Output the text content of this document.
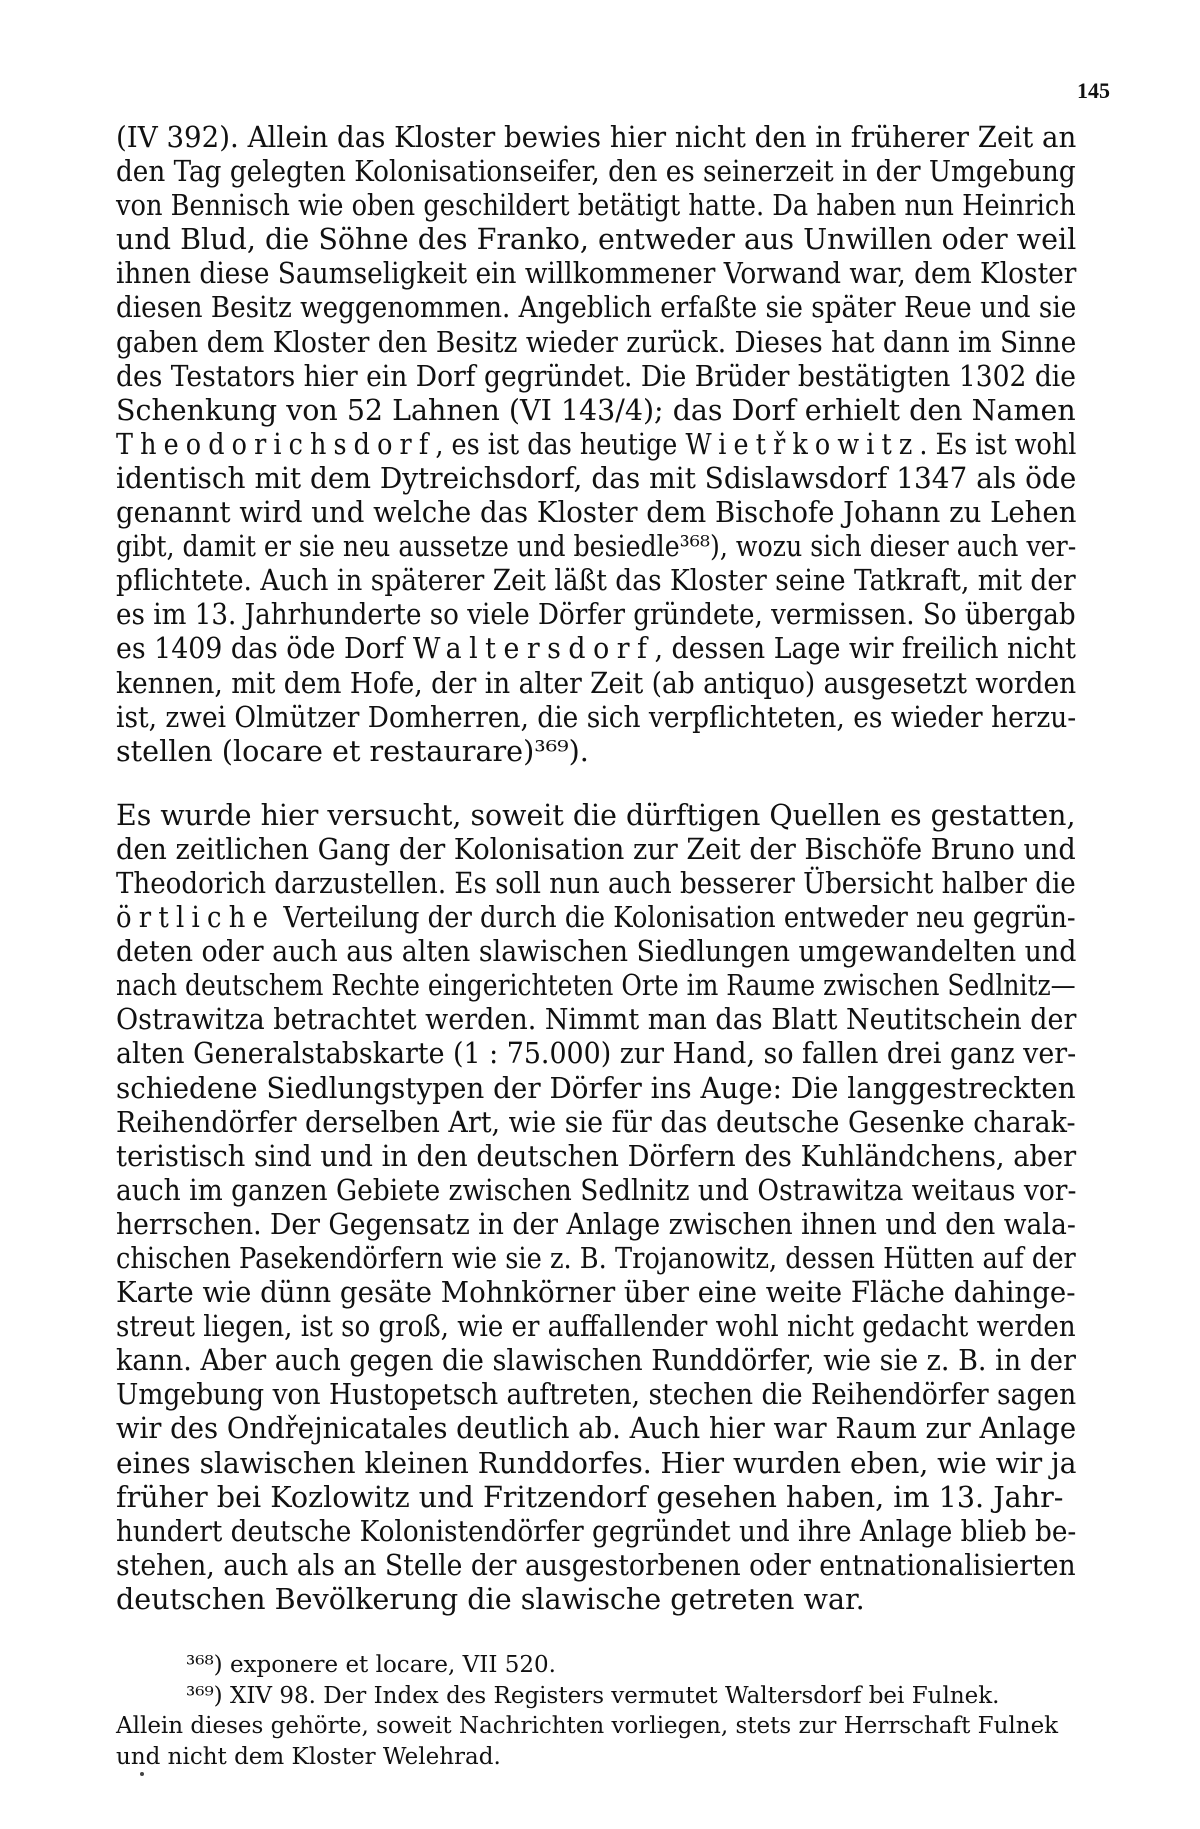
145
(IV 392). Allein das Kloster bewies hier nicht den in früherer Zeit an
den Tag gelegten Kolonisationseifer, den es seinerzeit in der Umgebung
von Bennisch wie oben geschildert betätigt hatte. Da haben nun Heinrich
und Blud, die Söhne des Franko, entweder aus Unwillen oder weil
ihnen diese Saumseligkeit ein willkommener Vorwand war, dem Kloster
diesen Besitz weggenommen. Angeblich erfaßte sie später Reue und sie
gaben dem Kloster den Besitz wieder zurück. Dieses hat dann im Sinne
des Testators hier ein Dorf gegründet. Die Brüder bestätigten 1302 die
Schenkung von 52 Lahnen (VI 143/4); das Dorf erhielt den Namen
Theodorichsdorf, es ist das heutige Wietřkowitz. Es ist wohl
identisch mit dem Dytreichsdorf, das mit Sdislawsdorf 1347 als öde
genannt wird und welche das Kloster dem Bischofe Johann zu Lehen
gibt, damit er sie neu aussetze und besiedle³⁶⁸), wozu sich dieser auch ver-
pflichtete. Auch in späterer Zeit läßt das Kloster seine Tatkraft, mit der
es im 13. Jahrhunderte so viele Dörfer gründete, vermissen. So übergab
es 1409 das öde Dorf Waltersdorf, dessen Lage wir freilich nicht
kennen, mit dem Hofe, der in alter Zeit (ab antiquo) ausgesetzt worden
ist, zwei Olmützer Domherren, die sich verpflichteten, es wieder herzu-
stellen (locare et restaurare)³⁶⁹).
Es wurde hier versucht, soweit die dürftigen Quellen es gestatten,
den zeitlichen Gang der Kolonisation zur Zeit der Bischöfe Bruno und
Theodorich darzustellen. Es soll nun auch besserer Übersicht halber die
örtliche Verteilung der durch die Kolonisation entweder neu gegrün-
deten oder auch aus alten slawischen Siedlungen umgewandelten und
nach deutschem Rechte eingerichteten Orte im Raume zwischen Sedlnitz—
Ostrawitza betrachtet werden. Nimmt man das Blatt Neutitschein der
alten Generalstabskarte (1 : 75.000) zur Hand, so fallen drei ganz ver-
schiedene Siedlungstypen der Dörfer ins Auge: Die langgestreckten
Reihendörfer derselben Art, wie sie für das deutsche Gesenke charak-
teristisch sind und in den deutschen Dörfern des Kuhländchens, aber
auch im ganzen Gebiete zwischen Sedlnitz und Ostrawitza weitaus vor-
herrschen. Der Gegensatz in der Anlage zwischen ihnen und den wala-
chischen Pasekendörfern wie sie z. B. Trojanowitz, dessen Hütten auf der
Karte wie dünn gesäte Mohnkörner über eine weite Fläche dahinge-
streut liegen, ist so groß, wie er auffallender wohl nicht gedacht werden
kann. Aber auch gegen die slawischen Runddörfer, wie sie z. B. in der
Umgebung von Hustopetsch auftreten, stechen die Reihendörfer sagen
wir des Ondřejnicatales deutlich ab. Auch hier war Raum zur Anlage
eines slawischen kleinen Runddorfes. Hier wurden eben, wie wir ja
früher bei Kozlowitz und Fritzendorf gesehen haben, im 13. Jahr-
hundert deutsche Kolonistendörfer gegründet und ihre Anlage blieb be-
stehen, auch als an Stelle der ausgestorbenen oder entnationalisierten
deutschen Bevölkerung die slawische getreten war.
³⁶⁸) exponere et locare, VII 520.
³⁶⁹) XIV 98. Der Index des Registers vermutet Waltersdorf bei Fulnek.
Allein dieses gehörte, soweit Nachrichten vorliegen, stets zur Herrschaft Fulnek
und nicht dem Kloster Welehrad.
